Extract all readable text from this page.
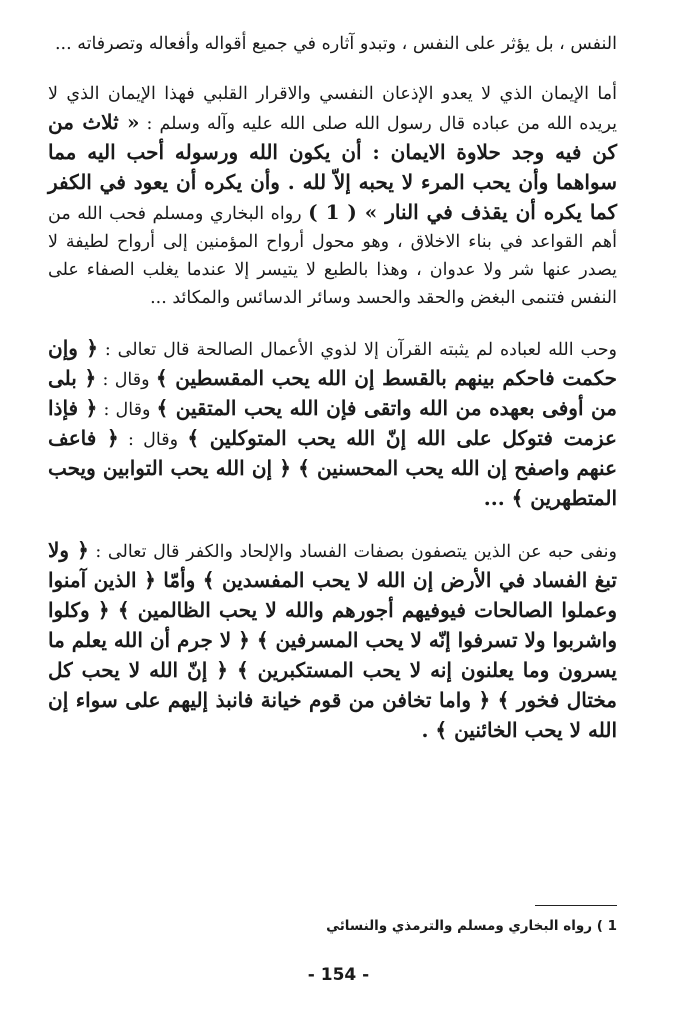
النفس ، بل يؤثر على النفس ، وتبدو آثاره في جميع أقواله وأفعاله وتصرفاته ...

أما الإيمان الذي لا يعدو الإذعان النفسي والاقرار القلبي فهذا الإيمان الذي لا يريده الله من عباده قال رسول الله صلى الله عليه وآله وسلم : « ثلاث من كن فيه وجد حلاوة الايمان : أن يكون الله ورسوله أحب اليه مما سواهما وأن يحب المرء لا يحبه إلاّ لله . وأن يكره أن يعود في الكفر كما يكره أن يقذف في النار » ( 1 ) رواه البخاري ومسلم فحب الله من أهم القواعد في بناء الاخلاق ، وهو محول أرواح المؤمنين إلى أرواح لطيفة لا يصدر عنها شر ولا عدوان ، وهذا بالطبع لا يتيسر إلا عندما يغلب الصفاء على النفس فتنمى البغض والحقد والحسد وسائر الدسائس والمكائد ...

وحب الله لعباده لم يثبته القرآن إلا لذوي الأعمال الصالحة قال تعالى : ﴿ وإن حكمت فاحكم بينهم بالقسط إن الله يحب المقسطين ﴾ وقال : ﴿ بلى من أوفى بعهده من الله واتقى فإن الله يحب المتقين ﴾ وقال : ﴿ فإذا عزمت فتوكل على الله إنّ الله يحب المتوكلين ﴾ وقال : ﴿ فاعف عنهم واصفح إن الله يحب المحسنين ﴾ ﴿ إن الله يحب التوابين ويحب المتطهرين ﴾ ...

ونفى حبه عن الذين يتصفون بصفات الفساد والإلحاد والكفر قال تعالى : ﴿ ولا تبغ الفساد في الأرض إن الله لا يحب المفسدين ﴾ وأمّا ﴿ الذين آمنوا وعملوا الصالحات فيوفيهم أجورهم والله لا يحب الظالمين ﴾ ﴿ وكلوا واشربوا ولا تسرفوا إنّه لا يحب المسرفين ﴾ ﴿ لا جرم أن الله يعلم ما يسرون وما يعلنون إنه لا يحب المستكبرين ﴾ ﴿ إنّ الله لا يحب كل مختال فخور ﴾ ﴿ واما تخافن من قوم خيانة فانبذ إليهم على سواء إن الله لا يحب الخائنين ﴾ .

1 ) رواه البخاري ومسلم والترمذي والنسائي
- 154 -
